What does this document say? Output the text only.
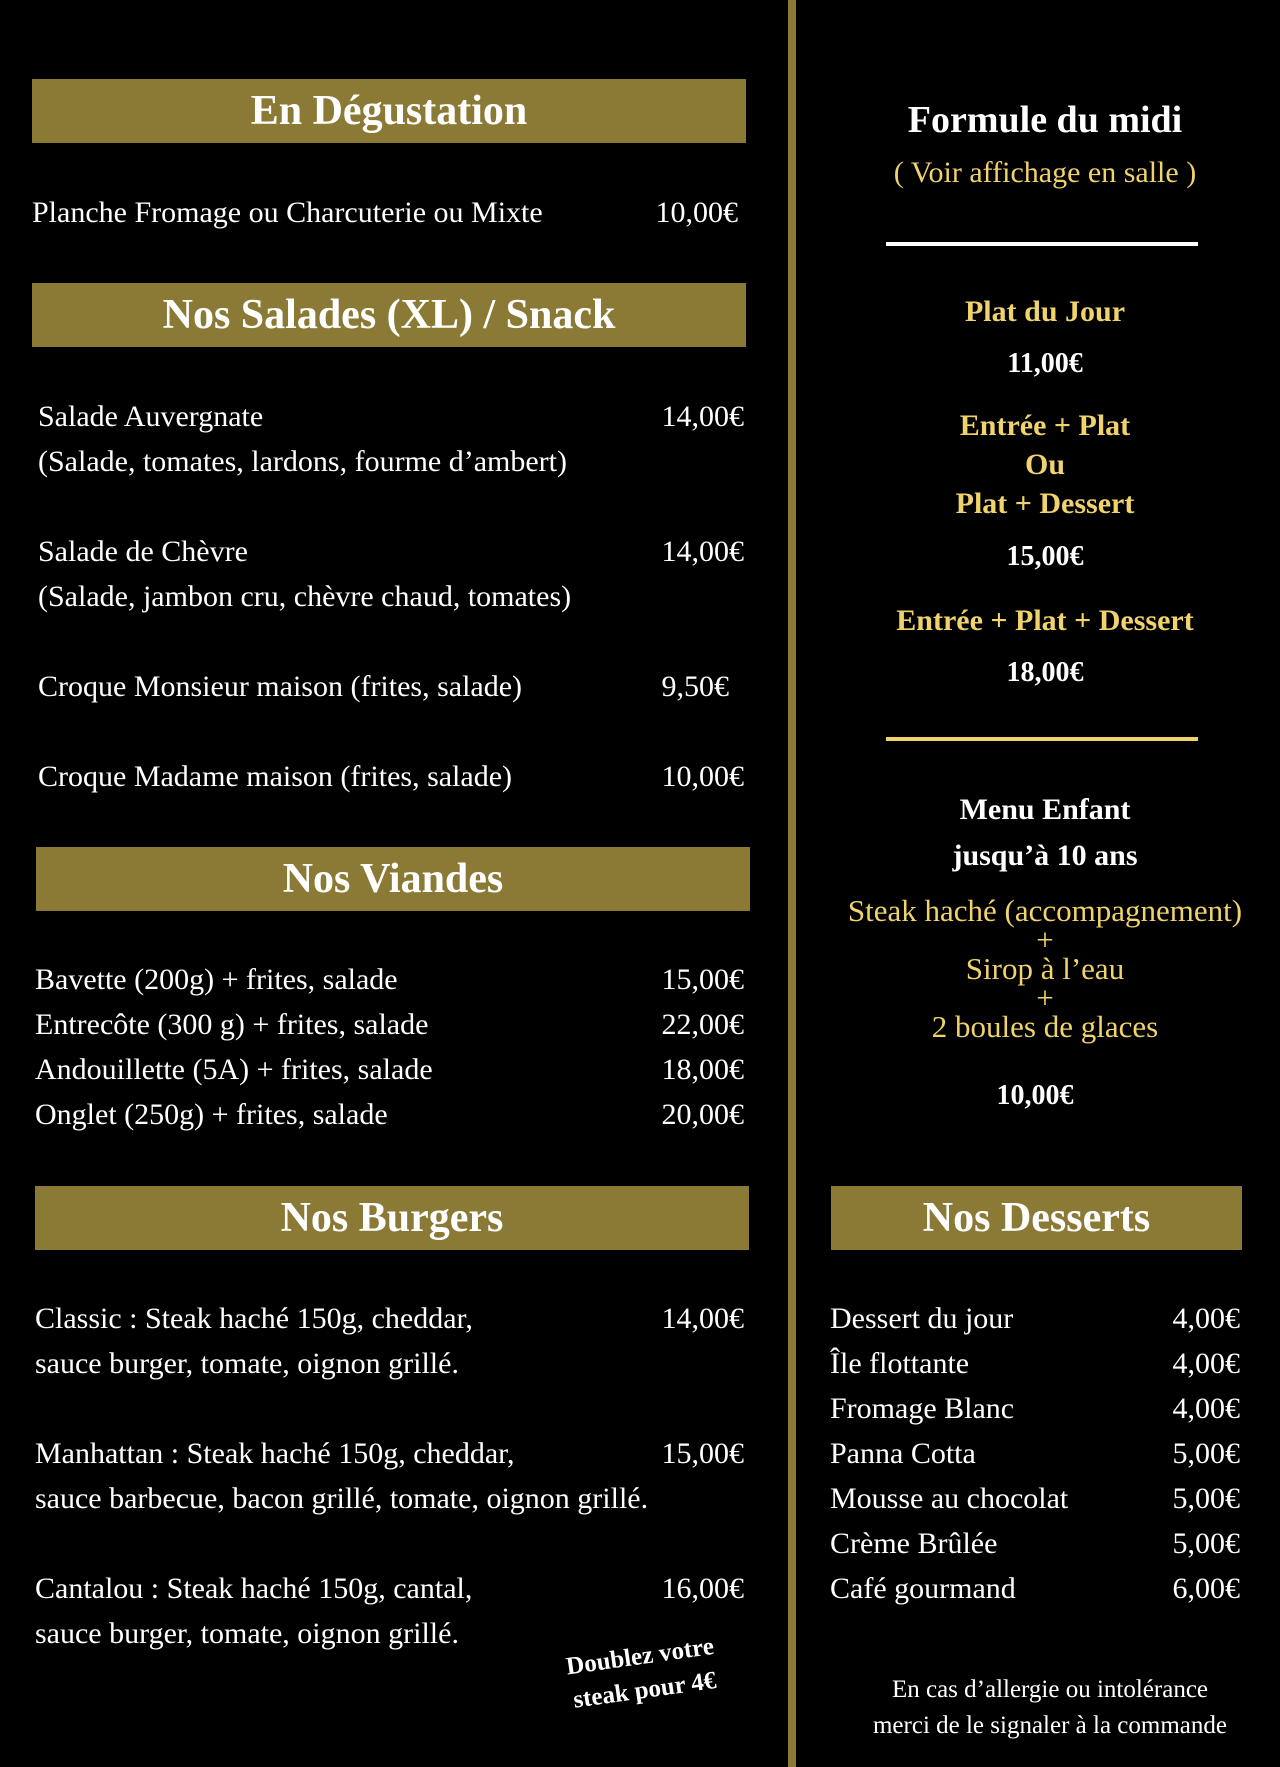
En Dégustation
Planche Fromage ou Charcuterie ou Mixte	10,00€
Nos Salades (XL) / Snack
Salade Auvergnate
(Salade, tomates, lardons, fourme d’ambert)
14,00€
Salade de Chèvre
(Salade, jambon cru, chèvre chaud, tomates)
14,00€
Croque Monsieur maison (frites, salade)	9,50€
Croque Madame maison (frites, salade)	10,00€
Nos Viandes
Bavette (200g) + frites, salade	15,00€
Entrecôte (300 g) + frites, salade	22,00€
Andouillette (5A) + frites, salade	18,00€
Onglet (250g) + frites, salade	20,00€
Nos Burgers
Classic : Steak haché 150g, cheddar,
sauce burger, tomate, oignon grillé.
14,00€
Manhattan : Steak haché 150g, cheddar,
sauce barbecue, bacon grillé, tomate, oignon grillé.
15,00€
Cantalou : Steak haché 150g, cantal,
sauce burger, tomate, oignon grillé.
16,00€
Doublez votre
steak pour 4€
Formule du midi
( Voir affichage en salle )
Plat du Jour
11,00€
Entrée + Plat
Ou
Plat + Dessert
15,00€
Entrée + Plat + Dessert
18,00€
Menu Enfant
jusqu’à 10 ans
Steak haché (accompagnement)
+
Sirop à l’eau
+
2 boules de glaces
10,00€
Nos Desserts
Dessert du jour	4,00€
Île flottante	4,00€
Fromage Blanc	4,00€
Panna Cotta	5,00€
Mousse au chocolat	5,00€
Crème Brûlée	5,00€
Café gourmand	6,00€
En cas d’allergie ou intolérance
merci de le signaler à la commande
